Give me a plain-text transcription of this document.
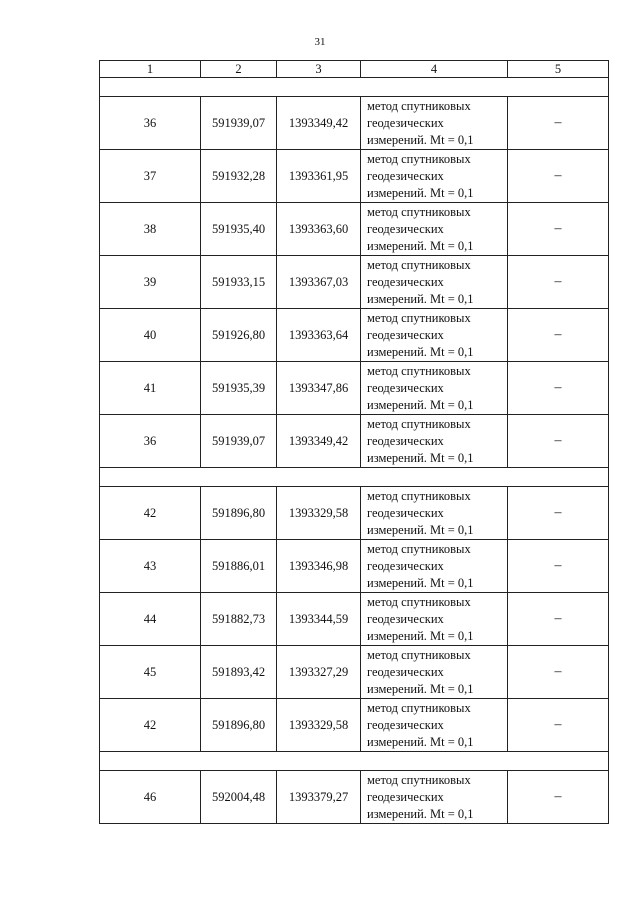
31
1	2	3	4	5

36	591939,07	1393349,42	метод спутниковых
геодезических
измерений. Mt = 0,1	–
37	591932,28	1393361,95	метод спутниковых
геодезических
измерений. Mt = 0,1	–
38	591935,40	1393363,60	метод спутниковых
геодезических
измерений. Mt = 0,1	–
39	591933,15	1393367,03	метод спутниковых
геодезических
измерений. Mt = 0,1	–
40	591926,80	1393363,64	метод спутниковых
геодезических
измерений. Mt = 0,1	–
41	591935,39	1393347,86	метод спутниковых
геодезических
измерений. Mt = 0,1	–
36	591939,07	1393349,42	метод спутниковых
геодезических
измерений. Mt = 0,1	–

42	591896,80	1393329,58	метод спутниковых
геодезических
измерений. Mt = 0,1	–
43	591886,01	1393346,98	метод спутниковых
геодезических
измерений. Mt = 0,1	–
44	591882,73	1393344,59	метод спутниковых
геодезических
измерений. Mt = 0,1	–
45	591893,42	1393327,29	метод спутниковых
геодезических
измерений. Mt = 0,1	–
42	591896,80	1393329,58	метод спутниковых
геодезических
измерений. Mt = 0,1	–

46	592004,48	1393379,27	метод спутниковых
геодезических
измерений. Mt = 0,1	–
